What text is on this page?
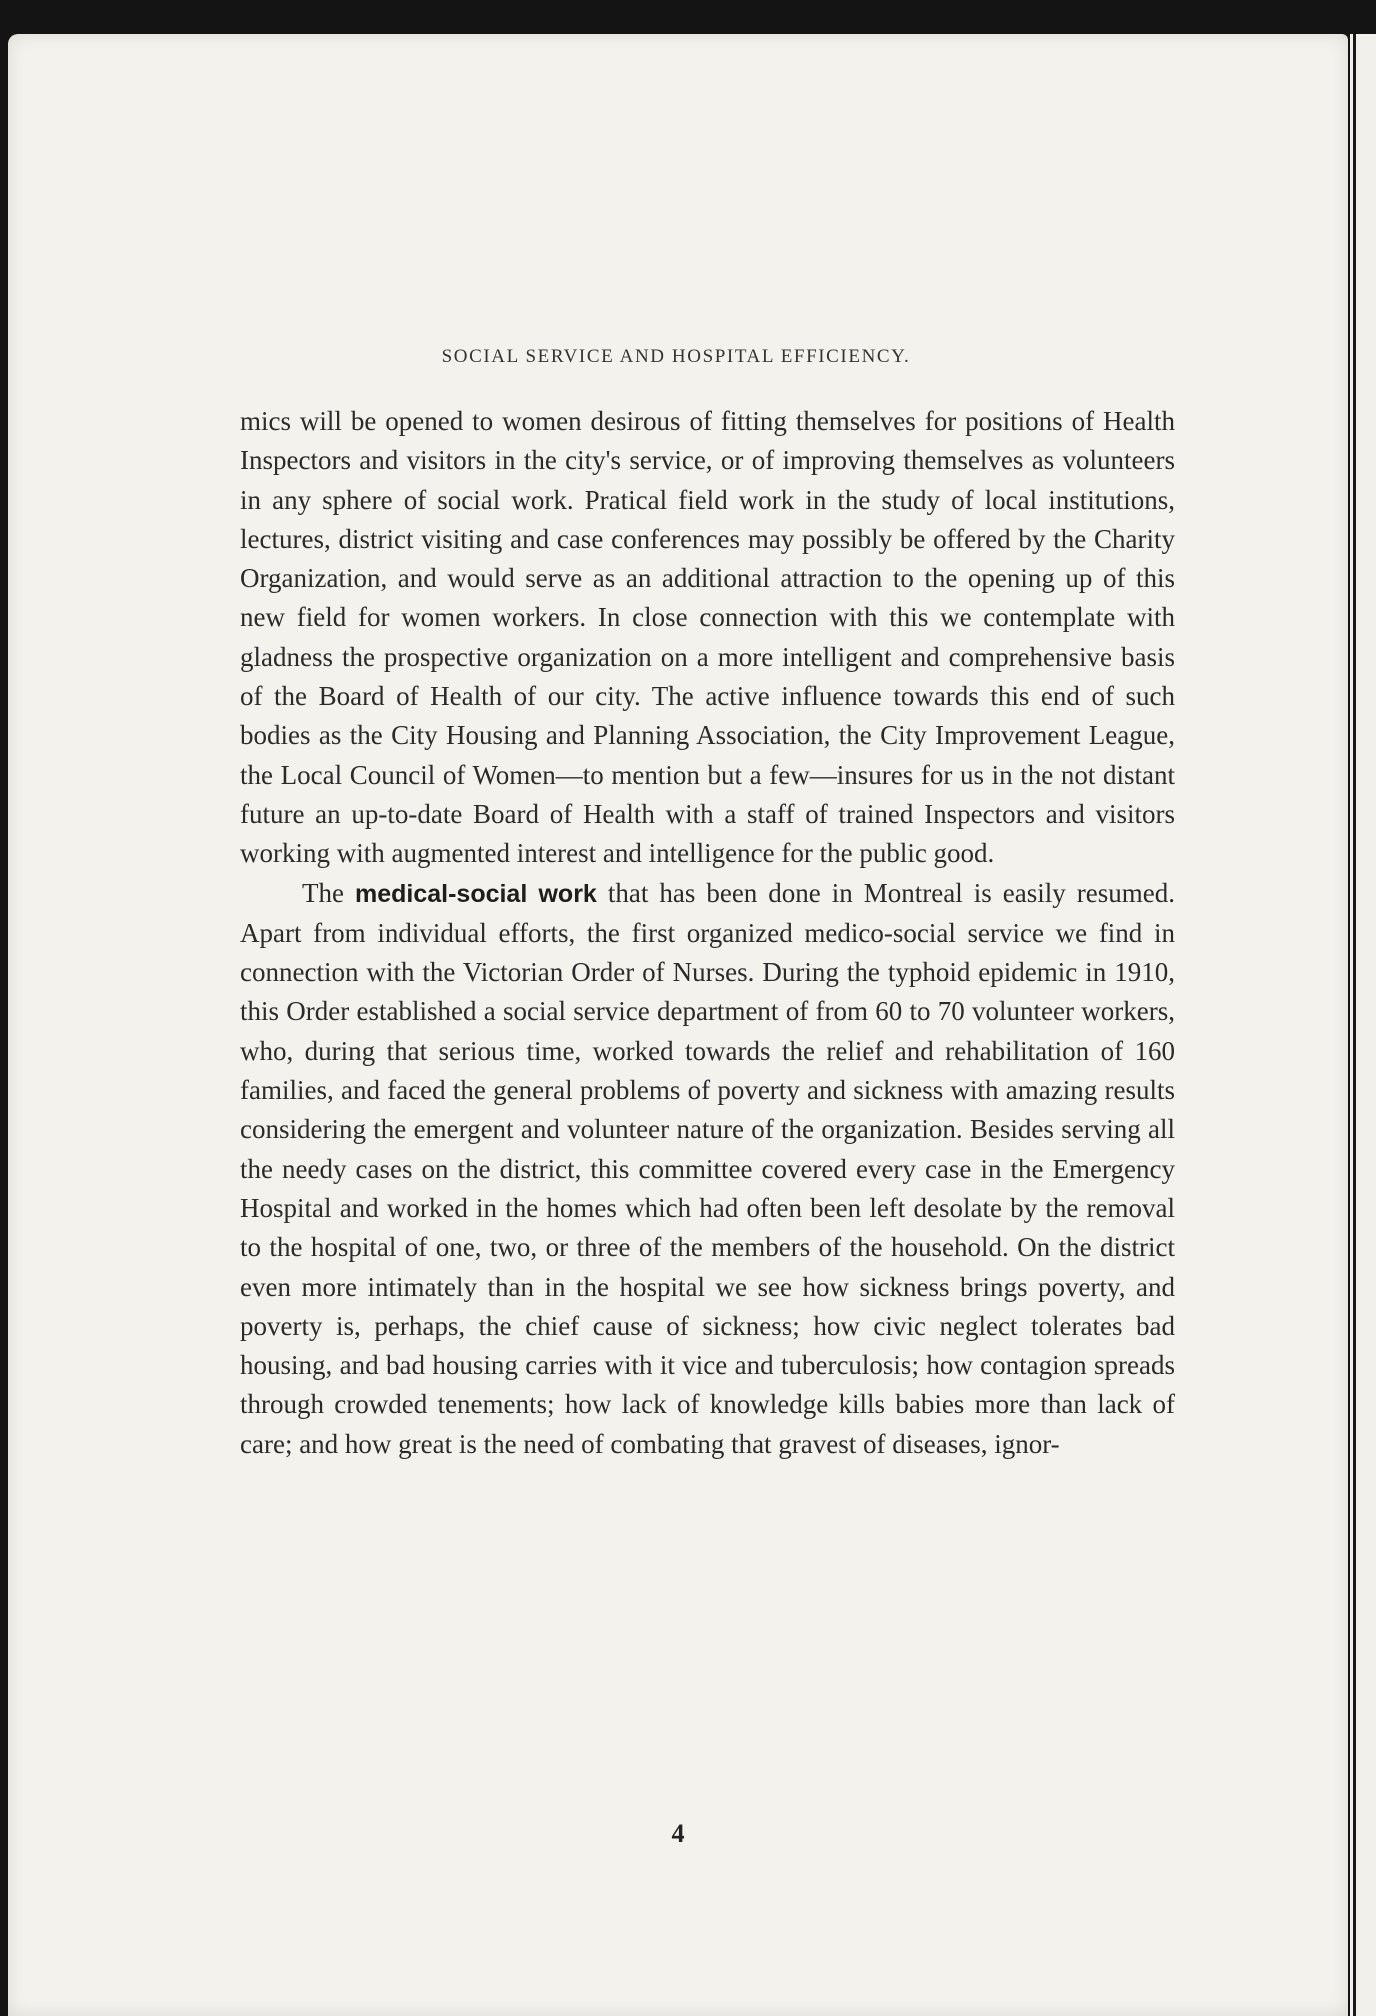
SOCIAL SERVICE AND HOSPITAL EFFICIENCY.

mics will be opened to women desirous of fitting themselves for positions of Health Inspectors and visitors in the city's service, or of improving themselves as volunteers in any sphere of social work. Pratical field work in the study of local institutions, lectures, district visiting and case conferences may possibly be offered by the Charity Organization, and would serve as an additional attraction to the opening up of this new field for women workers. In close connection with this we contemplate with gladness the prospective organization on a more intelligent and comprehensive basis of the Board of Health of our city. The active influence towards this end of such bodies as the City Housing and Planning Association, the City Improvement League, the Local Council of Women—to mention but a few—insures for us in the not distant future an up-to-date Board of Health with a staff of trained Inspectors and visitors working with augmented interest and intelligence for the public good.

The medical-social work that has been done in Montreal is easily resumed. Apart from individual efforts, the first organized medico-social service we find in connection with the Victorian Order of Nurses. During the typhoid epidemic in 1910, this Order established a social service department of from 60 to 70 volunteer workers, who, during that serious time, worked towards the relief and rehabilitation of 160 families, and faced the general problems of poverty and sickness with amazing results considering the emergent and volunteer nature of the organization. Besides serving all the needy cases on the district, this committee covered every case in the Emergency Hospital and worked in the homes which had often been left desolate by the removal to the hospital of one, two, or three of the members of the household. On the district even more intimately than in the hospital we see how sickness brings poverty, and poverty is, perhaps, the chief cause of sickness; how civic neglect tolerates bad housing, and bad housing carries with it vice and tuberculosis; how contagion spreads through crowded tenements; how lack of knowledge kills babies more than lack of care; and how great is the need of combating that gravest of diseases, ignor-

4
